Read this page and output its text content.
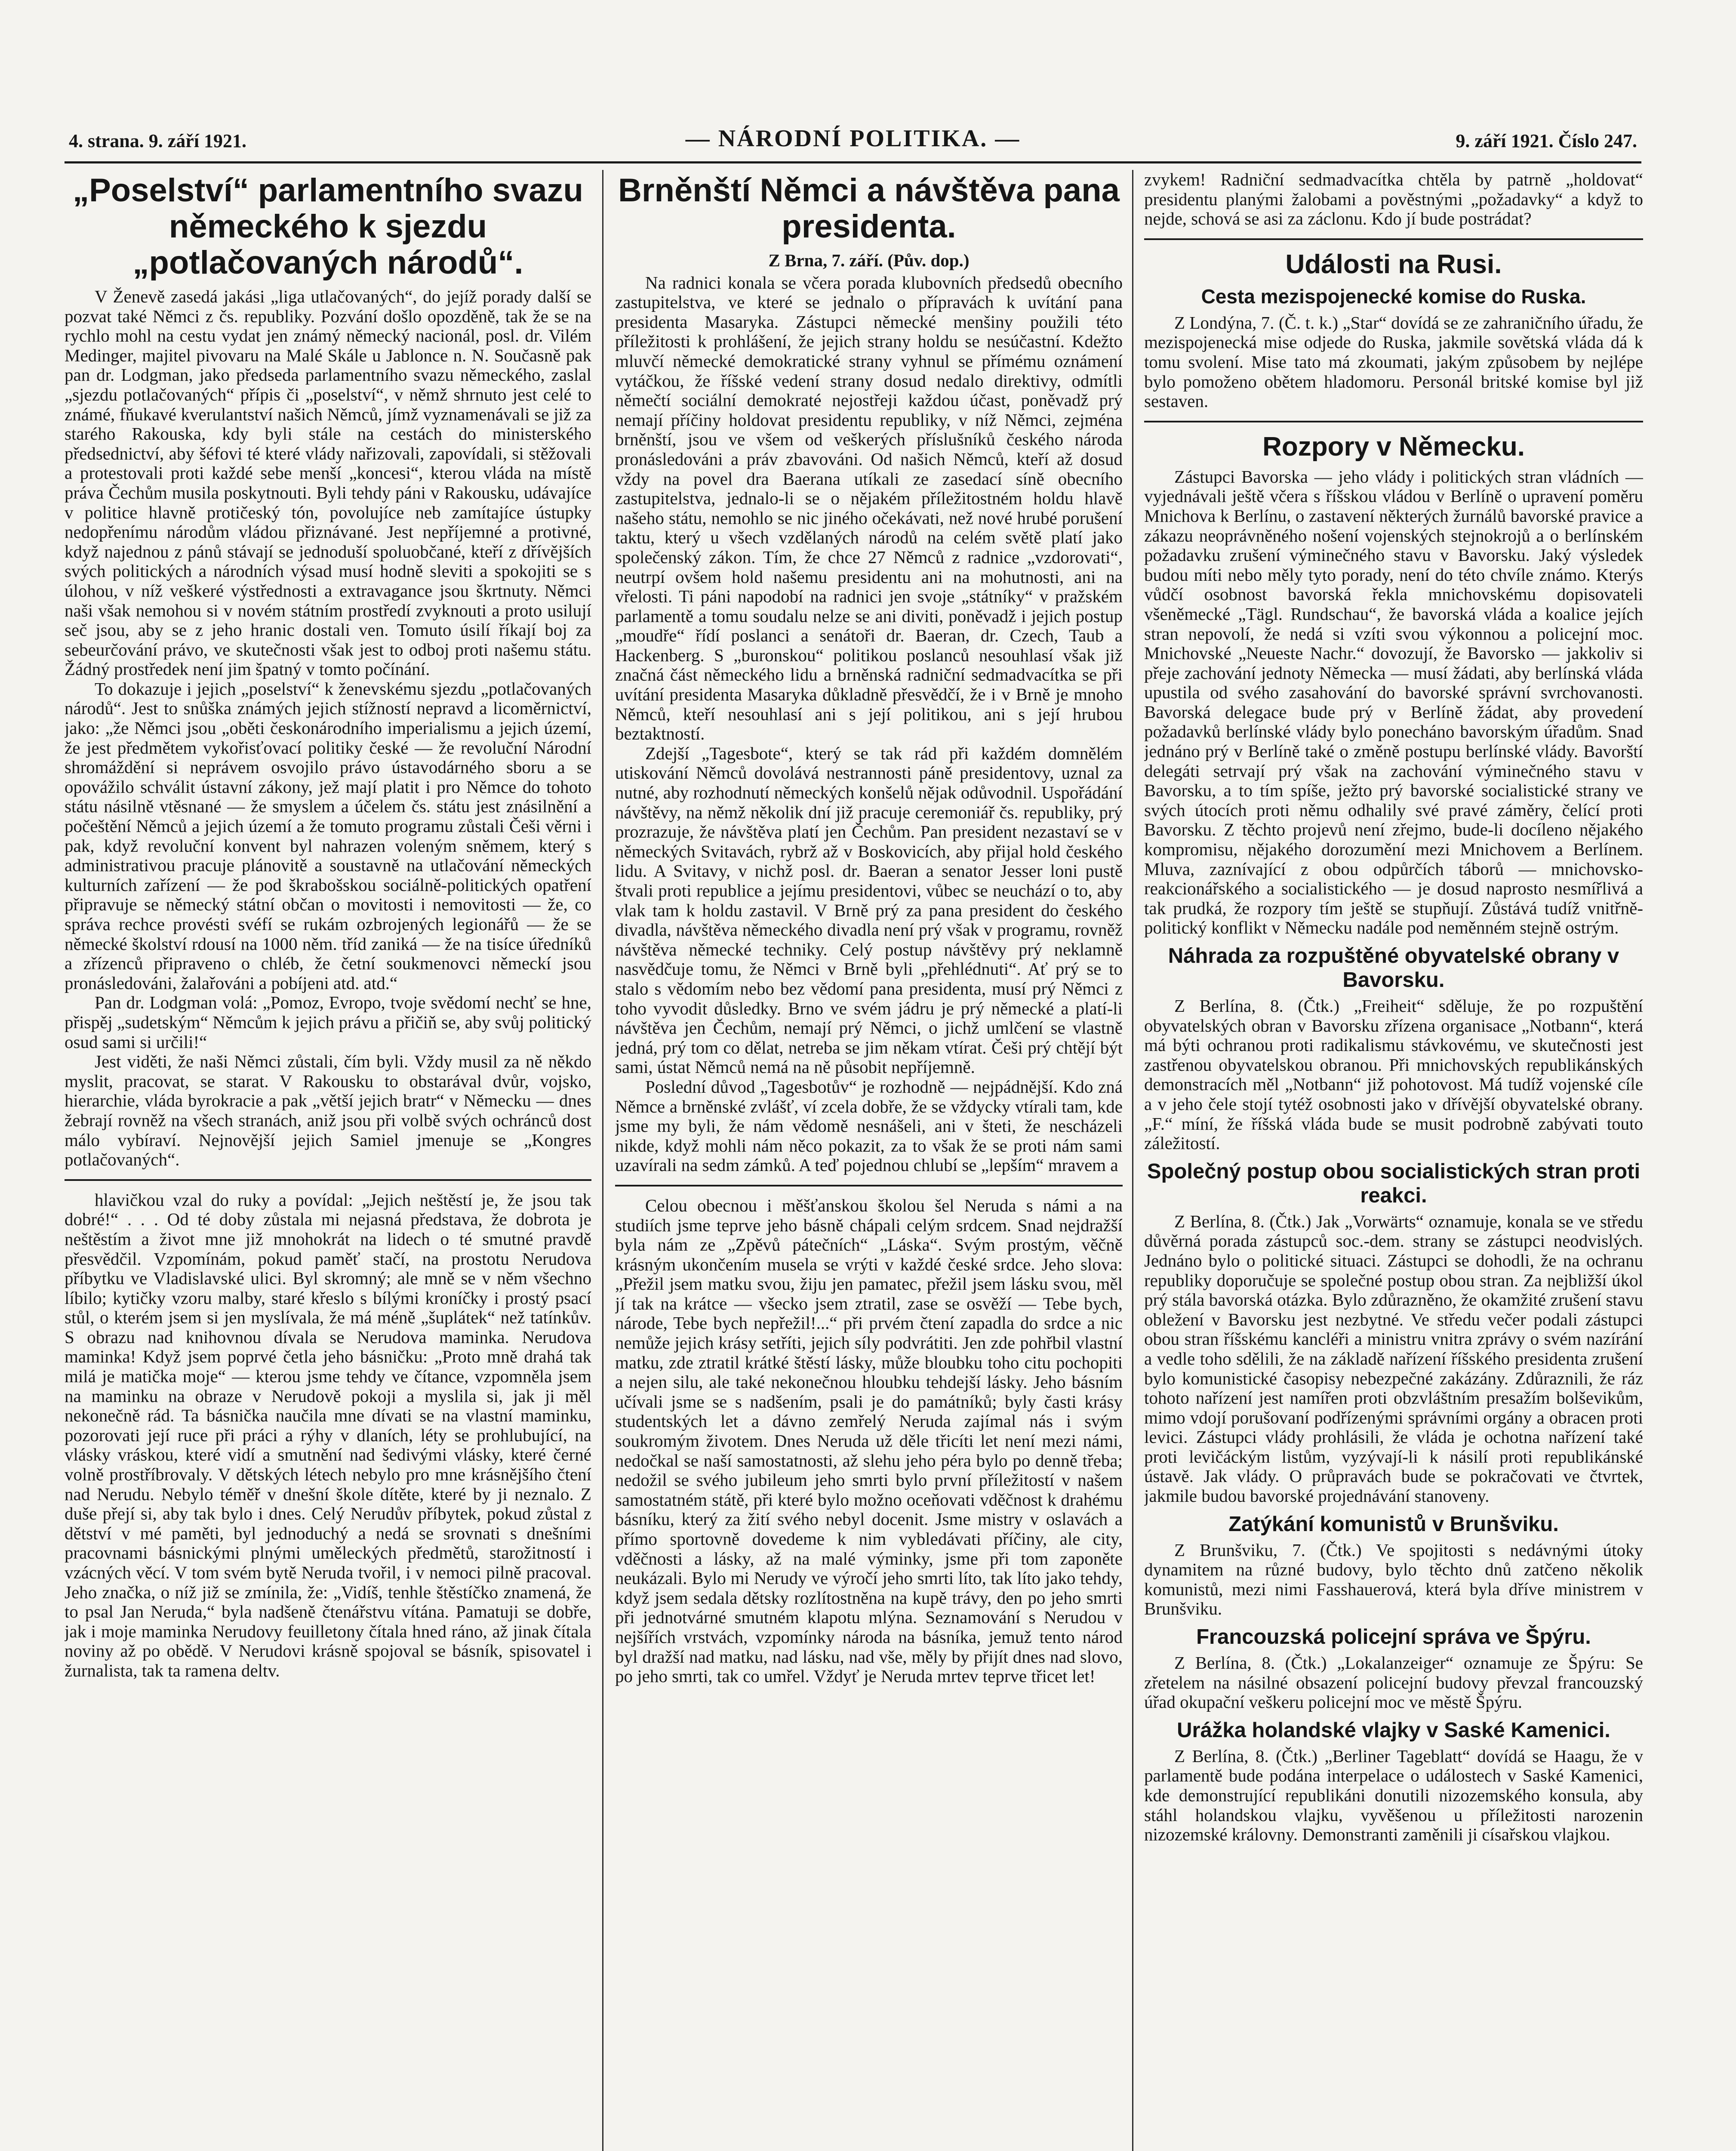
4. strana. 9. září 1921.	— NÁRODNÍ POLITIKA. —	9. září 1921. Číslo 247.
„Poselství“ parlamentního svazu německého k sjezdu „potlačovaných národů“.

V Ženevě zasedá jakási „liga utlačovaných“, do jejíž porady další se pozvat také Němci z čs. republiky. Pozvání došlo opozděně, tak že se na rychlo mohl na cestu vydat jen známý německý nacionál, posl. dr. Vilém Medinger, majitel pivovaru na Malé Skále u Jablonce n. N. Současně pak pan dr. Lodgman, jako předseda parlamentního svazu německého, zaslal „sjezdu potlačovaných“ přípis či „poselství“, v němž shrnuto jest celé to známé, fňukavé kverulantství našich Němců, jímž vyznamenávali se již za starého Rakouska, kdy byli stále na cestách do ministerského předsednictví, aby šéfovi té které vlády nařizovali, zapovídali, si stěžovali a protestovali proti každé sebe menší „koncesi“, kterou vláda na místě práva Čechům musila poskytnouti. Byli tehdy páni v Rakousku, udávajíce v politice hlavně protičeský tón, povolujíce neb zamítajíce ústupky nedopřenímu národům vládou přiznávané. Jest nepříjemné a protivné, když najednou z pánů stávají se jednoduší spoluobčané, kteří z dřívějších svých politických a národních výsad musí hodně sleviti a spokojiti se s úlohou, v níž veškeré výstřednosti a extravagance jsou škrtnuty. Němci naši však nemohou si v novém státním prostředí zvyknouti a proto usilují seč jsou, aby se z jeho hranic dostali ven. Tomuto úsilí říkají boj za sebeurčování právo, ve skutečnosti však jest to odboj proti našemu státu. Žádný prostředek není jim špatný v tomto počínání.

To dokazuje i jejich „poselství“ k ženevskému sjezdu „potlačovaných národů“. Jest to snůška známých jejich stížností nepravd a licoměrnictví, jako: „že Němci jsou „oběti českonárodního imperialismu a jejich území, že jest předmětem vykořisťovací politiky české — že revoluční Národní shromáždění si neprávem osvojilo právo ústavodárného sboru a se opovážilo schválit ústavní zákony, jež mají platit i pro Němce do tohoto státu násilně vtěsnané — že smyslem a účelem čs. státu jest znásilnění a počeštění Němců a jejich území a že tomuto programu zůstali Češi věrni i pak, když revoluční konvent byl nahrazen voleným sněmem, který s administrativou pracuje plánovitě a soustavně na utlačování německých kulturních zařízení — že pod škrabošskou sociálně-politických opatření připravuje se německý státní občan o movitosti i nemovitosti — že, co správa rechce provésti svéfí se rukám ozbrojených legionářů — že se německé školství rdousí na 1000 něm. tříd zaniká — že na tisíce úředníků a zřízenců připraveno o chléb, že četní soukmenovci německí jsou pronásledováni, žalařováni a pobíjeni atd. atd.“

Pan dr. Lodgman volá: „Pomoz, Evropo, tvoje svědomí nechť se hne, přispěj „sudetským“ Němcům k jejich právu a přičiň se, aby svůj politický osud sami si určili!“

Jest viděti, že naši Němci zůstali, čím byli. Vždy musil za ně někdo myslit, pracovat, se starat. V Rakousku to obstarával dvůr, vojsko, hierarchie, vláda byrokracie a pak „větší jejich bratr“ v Německu — dnes žebrají rovněž na všech stranách, aniž jsou při volbě svých ochránců dost málo vybíraví. Nejnovější jejich Samiel jmenuje se „Kongres potlačovaných“.

hlavičkou vzal do ruky a povídal: „Jejich neštěstí je, že jsou tak dobré!“ . . . Od té doby zůstala mi nejasná představa, že dobrota je neštěstím a život mne již mnohokrát na lidech o té smutné pravdě přesvědčil. Vzpomínám, pokud paměť stačí, na prostotu Nerudova příbytku ve Vladislavské ulici. Byl skromný; ale mně se v něm všechno líbilo; kytičky vzoru malby, staré křeslo s bílými kroníčky i prostý psací stůl, o kterém jsem si jen myslívala, že má méně „šuplátek“ než tatínkův. S obrazu nad knihovnou dívala se Nerudova maminka. Nerudova maminka! Když jsem poprvé četla jeho básničku: „Proto mně drahá tak milá je matička moje“ — kterou jsme tehdy ve čítance, vzpomněla jsem na maminku na obraze v Nerudově pokoji a myslila si, jak ji měl nekonečně rád. Ta básnička naučila mne dívati se na vlastní maminku, pozorovati její ruce při práci a rýhy v dlaních, léty se prohlubující, na vlásky vráskou, které vidí a smutnění nad šedivými vlásky, které černé volně prostříbrovaly. V dětských létech nebylo pro mne krásnějšího čtení nad Nerudu. Nebylo téměř v dnešní škole dítěte, které by ji neznalo. Z duše přejí si, aby tak bylo i dnes. Celý Nerudův příbytek, pokud zůstal z dětství v mé paměti, byl jednoduchý a nedá se srovnati s dnešními pracovnami básnickými plnými uměleckých předmětů, starožitností i vzácných věcí. V tom svém bytě Neruda tvořil, i v nemoci pilně pracoval. Jeho značka, o níž již se zmínila, že: „Vidíš, tenhle štěstíčko znamená, že to psal Jan Neruda,“ byla nadšeně čtenářstvu vítána. Pamatuji se dobře, jak i moje maminka Nerudovy feuilletony čítala hned ráno, až jinak čítala noviny až po obědě. V Nerudovi krásně spojoval se básník, spisovatel i žurnalista, tak ta ramena deltv.

Brněnští Němci a návštěva pana presidenta.
Z Brna, 7. září. (Pův. dop.)

Na radnici konala se včera porada klubovních předsedů obecního zastupitelstva, ve které se jednalo o přípravách k uvítání pana presidenta Masaryka. Zástupci německé menšiny použili této příležitosti k prohlášení, že jejich strany holdu se nesúčastní. Kdežto mluvčí německé demokratické strany vyhnul se přímému oznámení vytáčkou, že říšské vedení strany dosud nedalo direktivy, odmítli němečtí sociální demokraté nejostřeji každou účast, poněvadž prý nemají příčiny holdovat presidentu republiky, v níž Němci, zejména brněnští, jsou ve všem od veškerých příslušníků českého národa pronásledováni a práv zbavováni. Od našich Němců, kteří až dosud vždy na povel dra Baerana utíkali ze zasedací síně obecního zastupitelstva, jednalo-li se o nějakém příležitostném holdu hlavě našeho státu, nemohlo se nic jiného očekávati, než nové hrubé porušení taktu, který u všech vzdělaných národů na celém světě platí jako společenský zákon. Tím, že chce 27 Němců z radnice „vzdorovati“, neutrpí ovšem hold našemu presidentu ani na mohutnosti, ani na vřelosti. Ti páni napodobí na radnici jen svoje „státníky“ v pražském parlamentě a tomu soudalu nelze se ani diviti, poněvadž i jejich postup „moudře“ řídí poslanci a senátoři dr. Baeran, dr. Czech, Taub a Hackenberg. S „buronskou“ politikou poslanců nesouhlasí však již značná část německého lidu a brněnská radniční sedmadvacítka se při uvítání presidenta Masaryka důkladně přesvědčí, že i v Brně je mnoho Němců, kteří nesouhlasí ani s její politikou, ani s její hrubou beztaktností.

Zdejší „Tagesbote“, který se tak rád při každém domnělém utiskování Němců dovolává nestrannosti páně presidentovy, uznal za nutné, aby rozhodnutí německých konšelů nějak odůvodnil. Uspořádání návštěvy, na němž několik dní již pracuje ceremoniář čs. republiky, prý prozrazuje, že návštěva platí jen Čechům. Pan president nezastaví se v německých Svitavách, rybrž až v Boskovicích, aby přijal hold českého lidu. A Svitavy, v nichž posl. dr. Baeran a senator Jesser loni pustě štvali proti republice a jejímu presidentovi, vůbec se neuchází o to, aby vlak tam k holdu zastavil. V Brně prý za pana president do českého divadla, návštěva německého divadla není prý však v programu, rovněž návštěva německé techniky. Celý postup návštěvy prý neklamně nasvědčuje tomu, že Němci v Brně byli „přehlédnuti“. Ať prý se to stalo s vědomím nebo bez vědomí pana presidenta, musí prý Němci z toho vyvodit důsledky. Brno ve svém jádru je prý německé a platí-li návštěva jen Čechům, nemají prý Němci, o jichž umlčení se vlastně jedná, prý tom co dělat, netreba se jim někam vtírat. Češi prý chtějí být sami, ústat Němců nemá na ně působit nepříjemně.

Poslední důvod „Tagesbotův“ je rozhodně — nejpádnější. Kdo zná Němce a brněnské zvlášť, ví zcela dobře, že se vždycky vtírali tam, kde jsme my byli, že nám vědomě nesnášeli, ani v šteti, že nescházeli nikde, když mohli nám něco pokazit, za to však že se proti nám sami uzavírali na sedm zámků. A teď pojednou chlubí se „lepším“ mravem a

Celou obecnou i měšťanskou školou šel Neruda s námi a na studiích jsme teprve jeho básně chápali celým srdcem. Snad nejdražší byla nám ze „Zpěvů pátečních“ „Láska“. Svým prostým, věčně krásným ukončením musela se vrýti v každé české srdce. Jeho slova: „Přežil jsem matku svou, žiju jen pamatec, přežil jsem lásku svou, měl jí tak na krátce — všecko jsem ztratil, zase se osvěží — Tebe bych, národe, Tebe bych nepřežil!...“ při prvém čtení zapadla do srdce a nic nemůže jejich krásy setříti, jejich síly podvrátiti. Jen zde pohřbil vlastní matku, zde ztratil krátké štěstí lásky, může bloubku toho citu pochopiti a nejen silu, ale také nekonečnou hloubku tehdejší lásky. Jeho básním učívali jsme se s nadšením, psali je do památníků; byly časti krásy studentských let a dávno zemřelý Neruda zajímal nás i svým soukromým životem. Dnes Neruda už děle třicíti let není mezi námi, nedočkal se naší samostatnosti, až slehu jeho péra bylo po denně třeba; nedožil se svého jubileum jeho smrti bylo první příležitostí v našem samostatném státě, při které bylo možno oceňovati vděčnost k drahému básníku, který za žití svého nebyl docenit. Jsme mistry v oslavách a přímo sportovně dovedeme k nim vybledávati příčiny, ale city, vděčnosti a lásky, až na malé výminky, jsme při tom zaponěte neukázali. Bylo mi Nerudy ve výročí jeho smrti líto, tak líto jako tehdy, když jsem sedala dětsky rozlítostněna na kupě trávy, den po jeho smrti při jednotvárné smutném klapotu mlýna. Seznamování s Nerudou v nejšířích vrstvách, vzpomínky národa na básníka, jemuž tento národ byl dražší nad matku, nad lásku, nad vše, měly by přijít dnes nad slovo, po jeho smrti, tak co umřel. Vždyť je Neruda mrtev teprve třicet let!

zvykem! Radniční sedmadvacítka chtěla by patrně „holdovat“ presidentu planými žalobami a pověstnými „požadavky“ a když to nejde, schová se asi za záclonu. Kdo jí bude postrádat?

Události na Rusi.
Cesta mezispojenecké komise do Ruska.

Z Londýna, 7. (Č. t. k.) „Star“ dovídá se ze zahraničního úřadu, že mezispojenecká mise odjede do Ruska, jakmile sovětská vláda dá k tomu svolení. Mise tato má zkoumati, jakým způsobem by nejlépe bylo pomoženo obětem hladomoru. Personál britské komise byl již sestaven.

Rozpory v Německu.

Zástupci Bavorska — jeho vlády i politických stran vládních — vyjednávali ještě včera s říšskou vládou v Berlíně o upravení poměru Mnichova k Berlínu, o zastavení některých žurnálů bavorské pravice a zákazu neoprávněného nošení vojenských stejnokrojů a o berlínském požadavku zrušení výminečného stavu v Bavorsku. Jaký výsledek budou míti nebo měly tyto porady, není do této chvíle známo. Kterýs vůdčí osobnost bavorská řekla mnichovskému dopisovateli všeněmecké „Tägl. Rundschau“, že bavorská vláda a koalice jejích stran nepovolí, že nedá si vzíti svou výkonnou a policejní moc. Mnichovské „Neueste Nachr.“ dovozují, že Bavorsko — jakkoliv si přeje zachování jednoty Německa — musí žádati, aby berlínská vláda upustila od svého zasahování do bavorské správní svrchovanosti. Bavorská delegace bude prý v Berlíně žádat, aby provedení požadavků berlínské vlády bylo ponecháno bavorským úřadům. Snad jednáno prý v Berlíně také o změně postupu berlínské vlády. Bavorští delegáti setrvají prý však na zachování výminečného stavu v Bavorsku, a to tím spíše, ježto prý bavorské socialistické strany ve svých útocích proti němu odhalily své pravé záměry, čelící proti Bavorsku. Z těchto projevů není zřejmo, bude-li docíleno nějakého kompromisu, nějakého dorozumění mezi Mnichovem a Berlínem. Mluva, zaznívající z obou odpůrčích táborů — mnichovsko-reakcionářského a socialistického — je dosud naprosto nesmířlivá a tak prudká, že rozpory tím ještě se stupňují. Zůstává tudíž vnitřně-politický konflikt v Německu nadále pod neměnném stejně ostrým.

Náhrada za rozpuštěné obyvatelské obrany v Bavorsku.

Z Berlína, 8. (Čtk.) „Freiheit“ sděluje, že po rozpuštění obyvatelských obran v Bavorsku zřízena organisace „Notbann“, která má býti ochranou proti radikalismu stávkovému, ve skutečnosti jest zastřenou obyvatelskou obranou. Při mnichovských republikánských demonstracích měl „Notbann“ již pohotovost. Má tudíž vojenské cíle a v jeho čele stojí tytéž osobnosti jako v dřívější obyvatelské obrany. „F.“ míní, že říšská vláda bude se musit podrobně zabývati touto záležitostí.

Společný postup obou socialistických stran proti reakci.

Z Berlína, 8. (Čtk.) Jak „Vorwärts“ oznamuje, konala se ve středu důvěrná porada zástupců soc.-dem. strany se zástupci neodvislých. Jednáno bylo o politické situaci. Zástupci se dohodli, že na ochranu republiky doporučuje se společné postup obou stran. Za nejbližší úkol prý stála bavorská otázka. Bylo zdůrazněno, že okamžité zrušení stavu obležení v Bavorsku jest nezbytné. Ve středu večer podali zástupci obou stran říšskému kancléři a ministru vnitra zprávy o svém nazírání a vedle toho sdělili, že na základě nařízení říšského presidenta zrušení bylo komunistické časopisy nebezpečné zakázány. Zdůraznili, že ráz tohoto nařízení jest namířen proti obzvláštním presažím bolševikům, mimo vdojí porušovaní podřízenými správními orgány a obracen proti levici. Zástupci vlády prohlásili, že vláda je ochotna nařízení také proti levičáckým listům, vyzývají-li k násilí proti republikánské ústavě. Jak vlády. O průpravách bude se pokračovati ve čtvrtek, jakmile budou bavorské projednávání stanoveny.

Zatýkání komunistů v Brunšviku.

Z Brunšviku, 7. (Čtk.) Ve spojitosti s nedávnými útoky dynamitem na různé budovy, bylo těchto dnů zatčeno několik komunistů, mezi nimi Fasshauerová, která byla dříve ministrem v Brunšviku.

Francouzská policejní správa ve Špýru.

Z Berlína, 8. (Čtk.) „Lokalanzeiger“ oznamuje ze Špýru: Se zřetelem na násilné obsazení policejní budovy převzal francouzský úřad okupační veškeru policejní moc ve městě Špýru.

Urážka holandské vlajky v Saské Kamenici.

Z Berlína, 8. (Čtk.) „Berliner Tageblatt“ dovídá se Haagu, že v parlamentě bude podána interpelace o událostech v Saské Kamenici, kde demonstrující republikáni donutili nizozemského konsula, aby stáhl holandskou vlajku, vyvěšenou u příležitosti narozenin nizozemské královny. Demonstranti zaměnili ji císařskou vlajkou.
